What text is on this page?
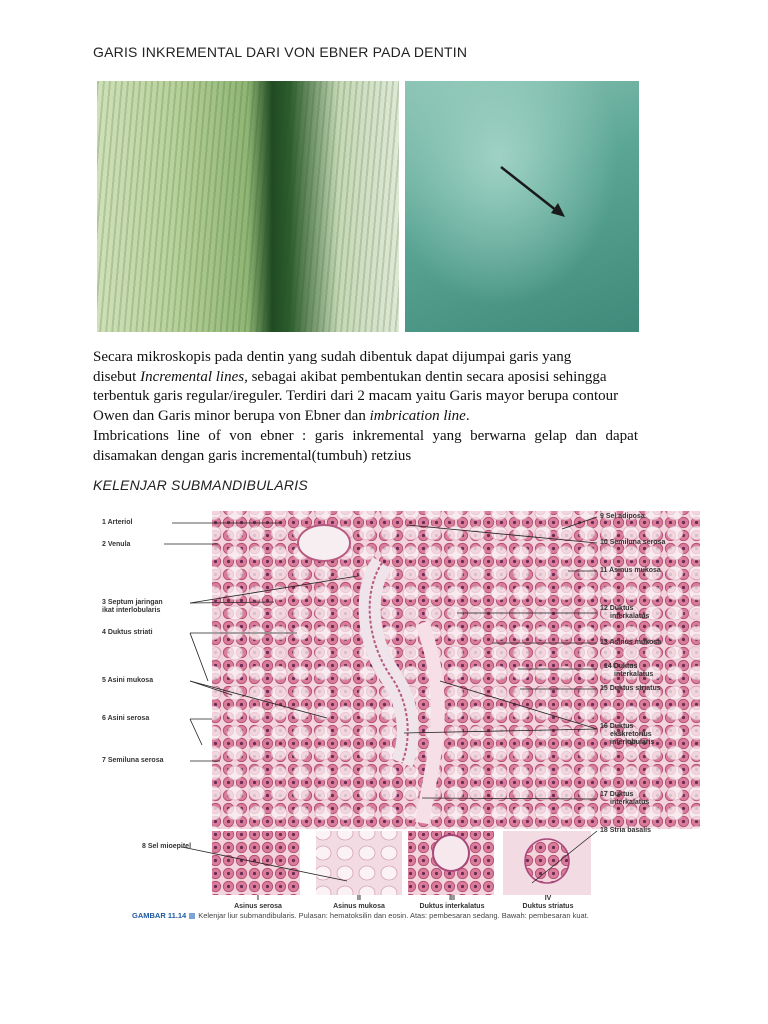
GARIS INKREMENTAL DARI VON EBNER PADA DENTIN
Secara mikroskopis pada dentin yang sudah dibentuk dapat dijumpai garis yang
disebut Incremental lines, sebagai akibat pembentukan dentin secara aposisi sehingga
terbentuk garis regular/ireguler. Terdiri dari 2 macam yaitu Garis mayor berupa contour
Owen dan Garis minor berupa von Ebner dan imbrication line.
Imbrications line of von ebner : garis inkremental yang berwarna gelap dan dapat disamakan dengan garis incremental(tumbuh) retzius
KELENJAR SUBMANDIBULARIS
1 Arteriol
2 Venula
3 Septum jaringan
ikat interlobularis
4 Duktus striati
5 Asini mukosa
6 Asini serosa
7 Semiluna serosa
8 Sel mioepitel
9 Sel adiposa
10 Semiluna serosa
11 Asinus mukosa
12 Duktus
interkalatus
13 Asinus mukosa
14 Duktus
interkalatus
15 Duktus striatus
16 Duktus
ekskretorius
interlobularis
17 Duktus
interkalatus
18 Stria basalis
I
Asinus serosa
II
Asinus mukosa
III
Duktus interkalatus
IV
Duktus striatus
GAMBAR 11.14 Kelenjar liur submandibularis. Pulasan: hematoksilin dan eosin. Atas: pembesaran sedang. Bawah: pembesaran kuat.
